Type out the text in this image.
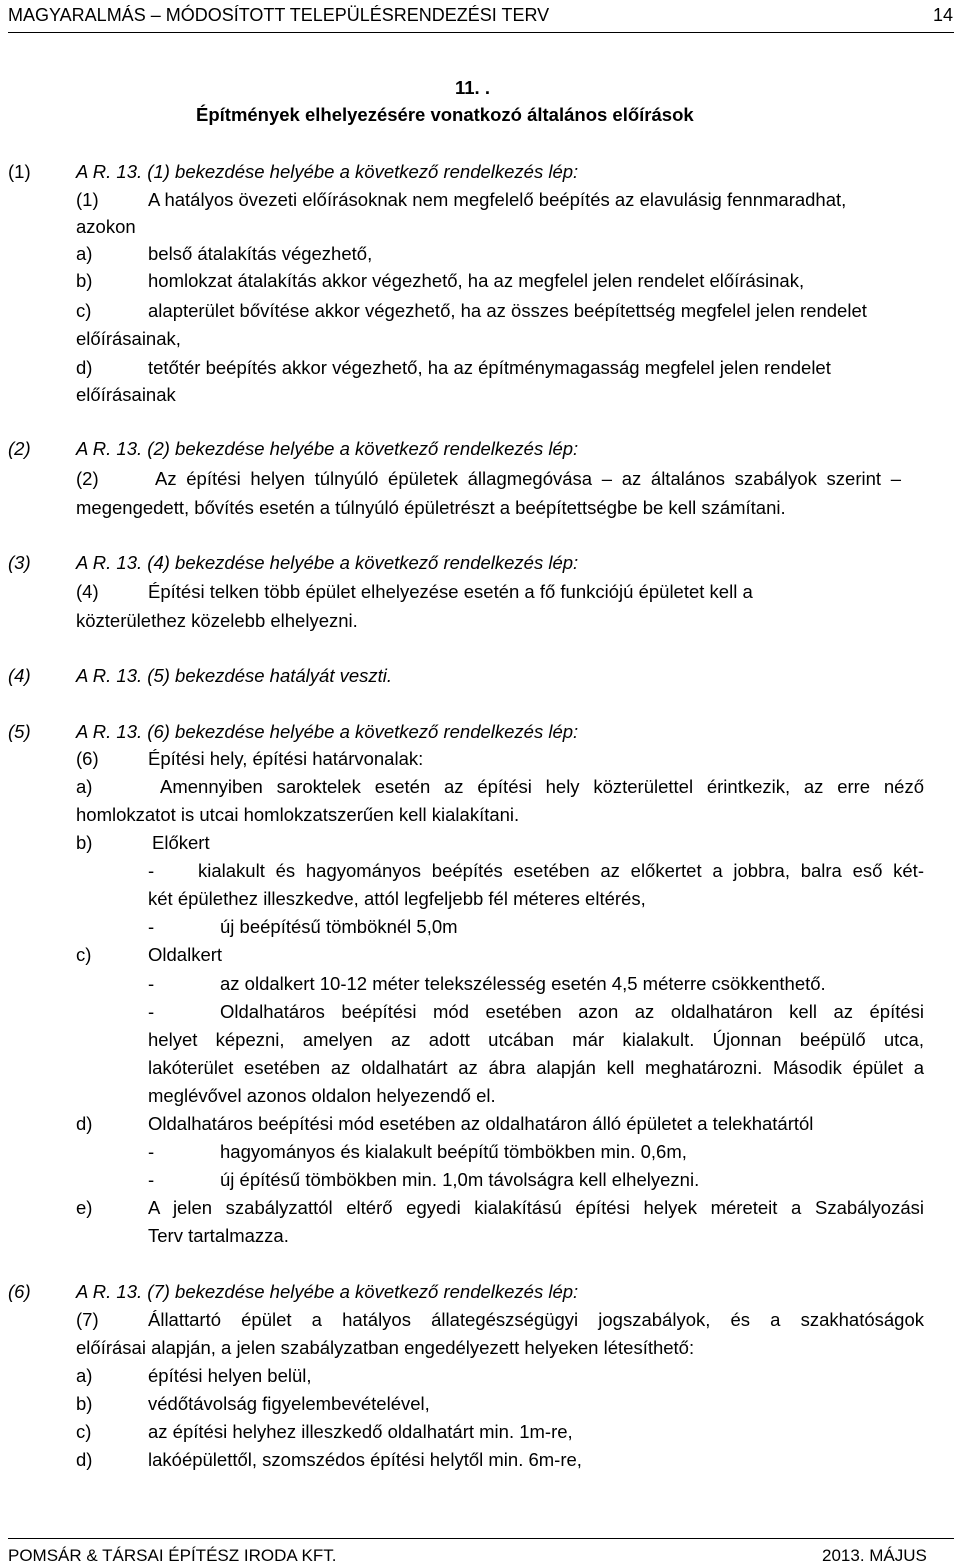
MAGYARALMÁS – MÓDOSÍTOTT TELEPÜLÉSRENDEZÉSI TERV	14
11. .
Építmények elhelyezésére vonatkozó általános előírások
(1) A R. 13. (1) bekezdése helyébe a következő rendelkezés lép:
(1)	A hatályos övezeti előírásoknak nem megfelelő beépítés az elavulásig fennmaradhat,
azokon
a)	belső átalakítás végezhető,
b)	homlokzat átalakítás akkor végezhető, ha az megfelel jelen rendelet előírásinak,
c)	alapterület bővítése akkor végezhető, ha az összes beépítettség megfelel jelen rendelet
előírásainak,
d)	tetőtér beépítés akkor végezhető, ha az építménymagasság megfelel jelen rendelet
előírásainak
(2) A R. 13. (2) bekezdése helyébe a következő rendelkezés lép:
(2)	Az építési helyen túlnyúló épületek állagmegóvása – az általános szabályok szerint –
megengedett, bővítés esetén a túlnyúló épületrészt a beépítettségbe be kell számítani.
(3) A R. 13. (4) bekezdése helyébe a következő rendelkezés lép:
(4)	Építési telken több épület elhelyezése esetén a fő funkciójú épületet kell a
közterülethez közelebb elhelyezni.
(4) A R. 13. (5) bekezdése hatályát veszti.
(5) A R. 13. (6) bekezdése helyébe a következő rendelkezés lép:
(6)	Építési hely, építési határvonalak:
a)	Amennyiben saroktelek esetén az építési hely közterülettel érintkezik, az erre néző
homlokzatot is utcai homlokzatszerűen kell kialakítani.
b)	Előkert
- kialakult és hagyományos beépítés esetében az előkertet a jobbra, balra eső két-
két épülethez illeszkedve, attól legfeljebb fél méteres eltérés,
-	új beépítésű tömböknél 5,0m
c)	Oldalkert
-	az oldalkert 10-12 méter telekszélesség esetén 4,5 méterre csökkenthető.
-	Oldalhatáros beépítési mód esetében azon az oldalhatáron kell az építési
helyet képezni, amelyen az adott utcában már kialakult. Újonnan beépülő utca,
lakóterület esetében az oldalhatárt az ábra alapján kell meghatározni. Második épület a
meglévővel azonos oldalon helyezendő el.
d)	Oldalhatáros beépítési mód esetében az oldalhatáron álló épületet a telekhatártól
-	hagyományos és kialakult beépítű tömbökben min. 0,6m,
-	új építésű tömbökben min. 1,0m távolságra kell elhelyezni.
e)	A jelen szabályzattól eltérő egyedi kialakítású építési helyek méreteit a Szabályozási
Terv tartalmazza.
(6) A R. 13. (7) bekezdése helyébe a következő rendelkezés lép:
(7)	Állattartó épület a hatályos állategészségügyi jogszabályok, és a szakhatóságok
előírásai alapján, a jelen szabályzatban engedélyezett helyeken létesíthető:
a)	építési helyen belül,
b)	védőtávolság figyelembevételével,
c)	az építési helyhez illeszkedő oldalhatárt min. 1m-re,
d)	lakóépülettől, szomszédos építési helytől min. 6m-re,
POMSÁR & TÁRSAI ÉPÍTÉSZ IRODA KFT.	2013. MÁJUS
